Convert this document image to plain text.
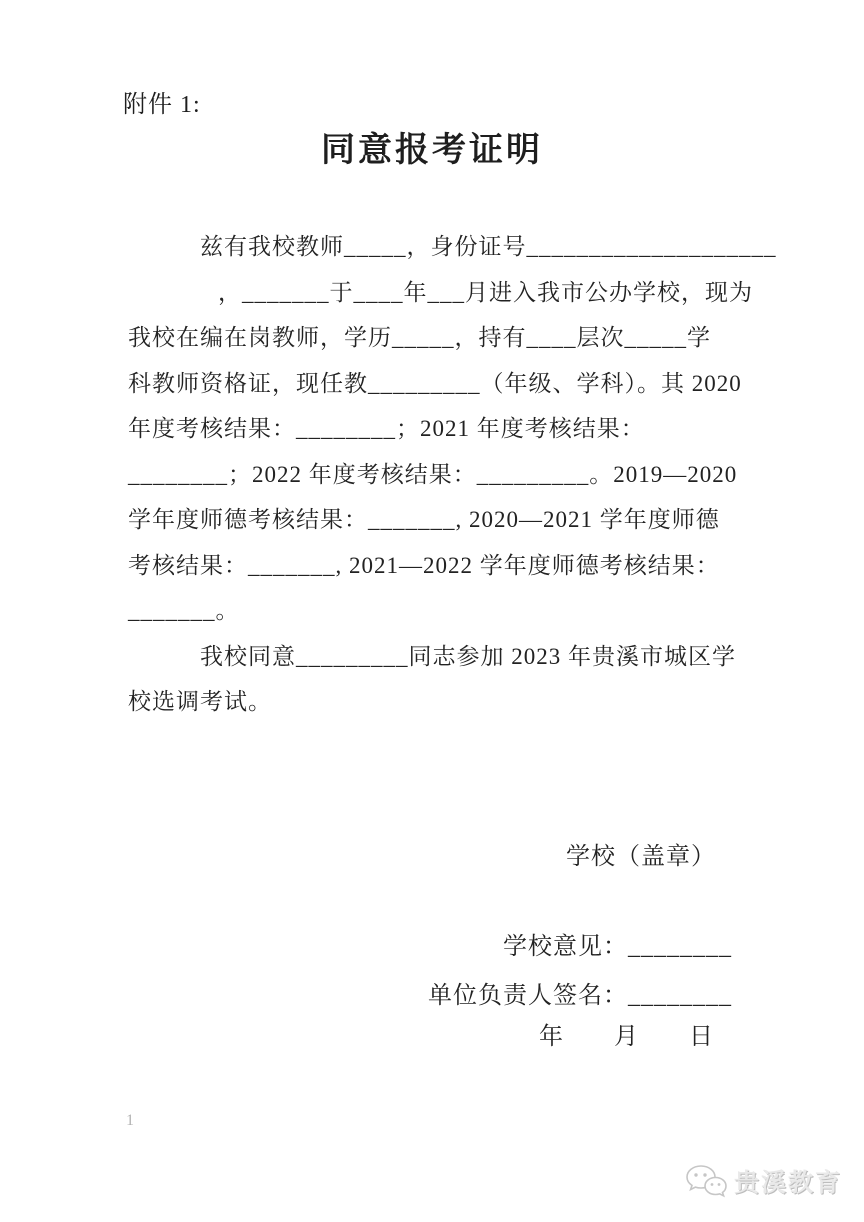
附件 1:
同意报考证明
兹有我校教师_____，身份证号____________________
，_______于____年___月进入我市公办学校，现为
我校在编在岗教师，学历_____，持有____层次_____学
科教师资格证，现任教_________（年级、学科）。其 2020
年度考核结果：________；2021 年度考核结果：
________；2022 年度考核结果：_________。2019—2020
学年度师德考核结果：_______, 2020—2021 学年度师德
考核结果：_______, 2021—2022 学年度师德考核结果：
_______。
我校同意_________同志参加 2023 年贵溪市城区学
校选调考试。
学校（盖章）
学校意见：________
单位负责人签名：________
年　　月　　日
1
贵溪教育
